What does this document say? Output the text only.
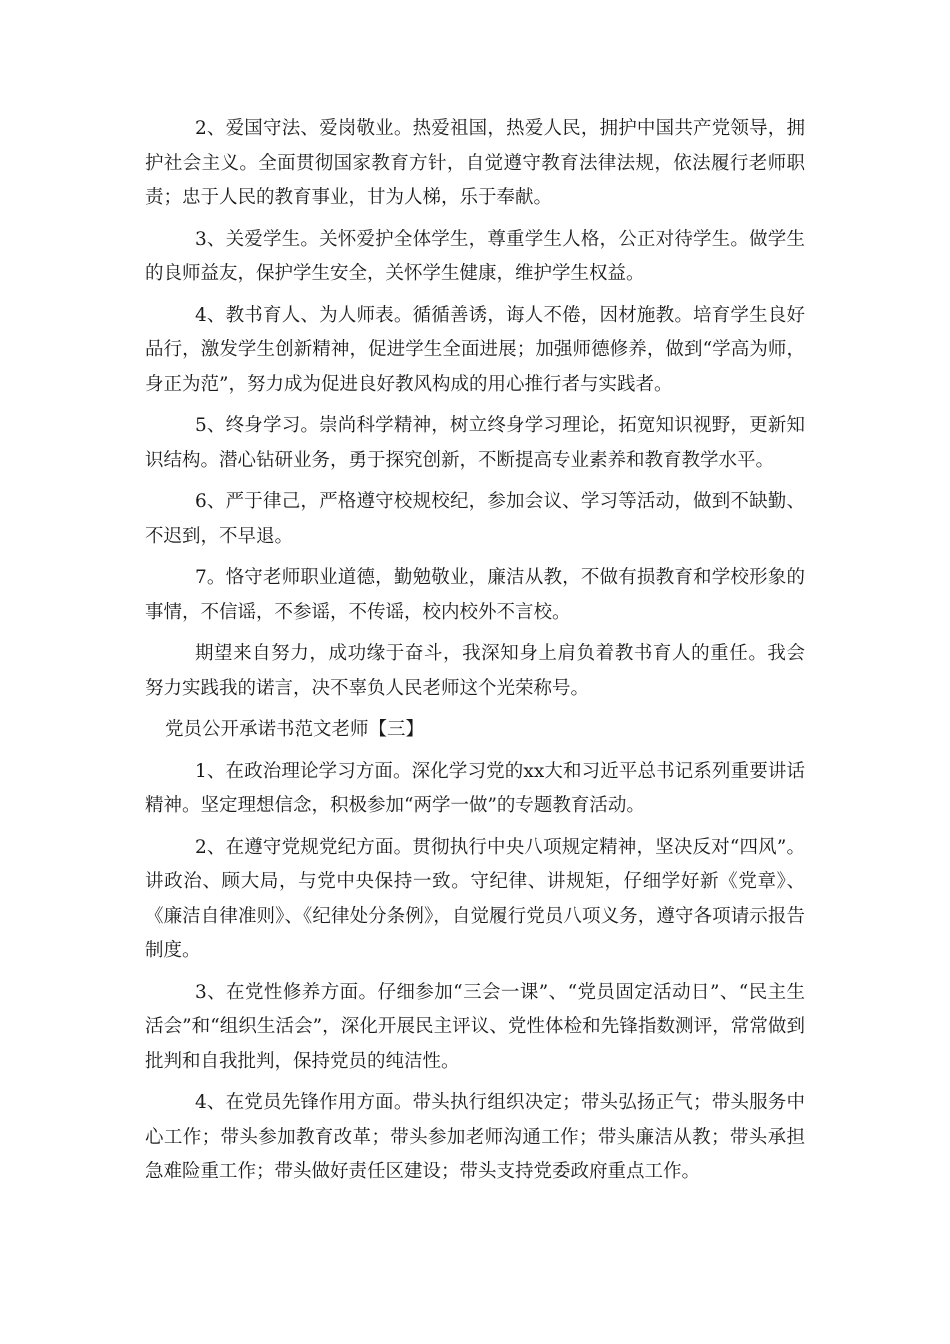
2、爱国守法、爱岗敬业。热爱祖国，热爱人民，拥护中国共产党领导，拥护社会主义。全面贯彻国家教育方针，自觉遵守教育法律法规，依法履行老师职责；忠于人民的教育事业，甘为人梯，乐于奉献。

3、关爱学生。关怀爱护全体学生，尊重学生人格，公正对待学生。做学生的良师益友，保护学生安全，关怀学生健康，维护学生权益。

4、教书育人、为人师表。循循善诱，诲人不倦，因材施教。培育学生良好品行，激发学生创新精神，促进学生全面进展；加强师德修养，做到“学高为师，身正为范”，努力成为促进良好教风构成的用心推行者与实践者。

5、终身学习。崇尚科学精神，树立终身学习理论，拓宽知识视野，更新知识结构。潜心钻研业务，勇于探究创新，不断提高专业素养和教育教学水平。

6、严于律己，严格遵守校规校纪，参加会议、学习等活动，做到不缺勤、不迟到，不早退。

7。恪守老师职业道德，勤勉敬业，廉洁从教，不做有损教育和学校形象的事情，不信谣，不参谣，不传谣，校内校外不言校。

期望来自努力，成功缘于奋斗，我深知身上肩负着教书育人的重任。我会努力实践我的诺言，决不辜负人民老师这个光荣称号。

党员公开承诺书范文老师【三】

1、在政治理论学习方面。深化学习党的xx大和习近平总书记系列重要讲话精神。坚定理想信念，积极参加“两学一做”的专题教育活动。

2、在遵守党规党纪方面。贯彻执行中央八项规定精神，坚决反对“四风”。讲政治、顾大局，与党中央保持一致。守纪律、讲规矩，仔细学好新《党章》、《廉洁自律准则》、《纪律处分条例》，自觉履行党员八项义务，遵守各项请示报告制度。

3、在党性修养方面。仔细参加“三会一课”、“党员固定活动日”、“民主生活会”和“组织生活会”，深化开展民主评议、党性体检和先锋指数测评，常常做到批判和自我批判，保持党员的纯洁性。

4、在党员先锋作用方面。带头执行组织决定；带头弘扬正气；带头服务中心工作；带头参加教育改革；带头参加老师沟通工作；带头廉洁从教；带头承担急难险重工作；带头做好责任区建设；带头支持党委政府重点工作。
